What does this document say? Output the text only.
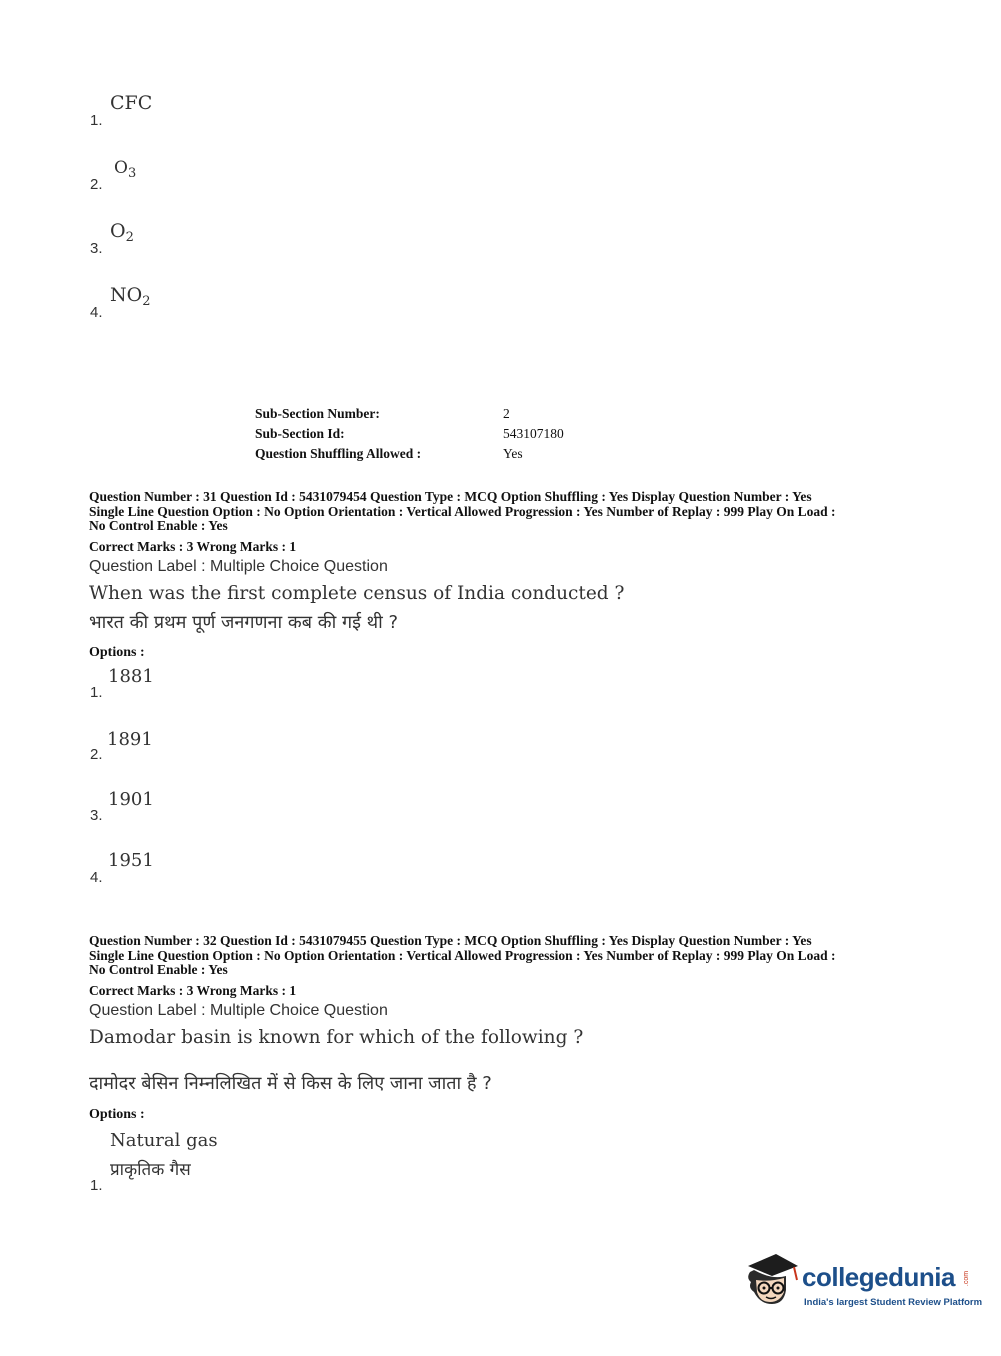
1.
CFC
2.
$O_3$
3.
$O_2$
4.
$NO_2$
Sub-Section Number:	2
Sub-Section Id:	543107180
Question Shuffling Allowed :	Yes
Question Number : 31 Question Id : 5431079454 Question Type : MCQ Option Shuffling : Yes Display Question Number : Yes
Single Line Question Option : No Option Orientation : Vertical Allowed Progression : Yes Number of Replay : 999 Play On Load :
No Control Enable : Yes
Correct Marks : 3 Wrong Marks : 1
Question Label : Multiple Choice Question
When was the first complete census of India conducted ?
भारत की प्रथम पूर्ण जनगणना कब की गई थी ?
Options :
1.
1881
2.
1891
3.
1901
4.
1951
Question Number : 32 Question Id : 5431079455 Question Type : MCQ Option Shuffling : Yes Display Question Number : Yes
Single Line Question Option : No Option Orientation : Vertical Allowed Progression : Yes Number of Replay : 999 Play On Load :
No Control Enable : Yes
Correct Marks : 3 Wrong Marks : 1
Question Label : Multiple Choice Question
Damodar basin is known for which of the following ?
दामोदर बेसिन निम्नलिखित में से किस के लिए जाना जाता है ?
Options :
Natural gas
प्राकृतिक गैस
1.
collegedunia .com
India's largest Student Review Platform
